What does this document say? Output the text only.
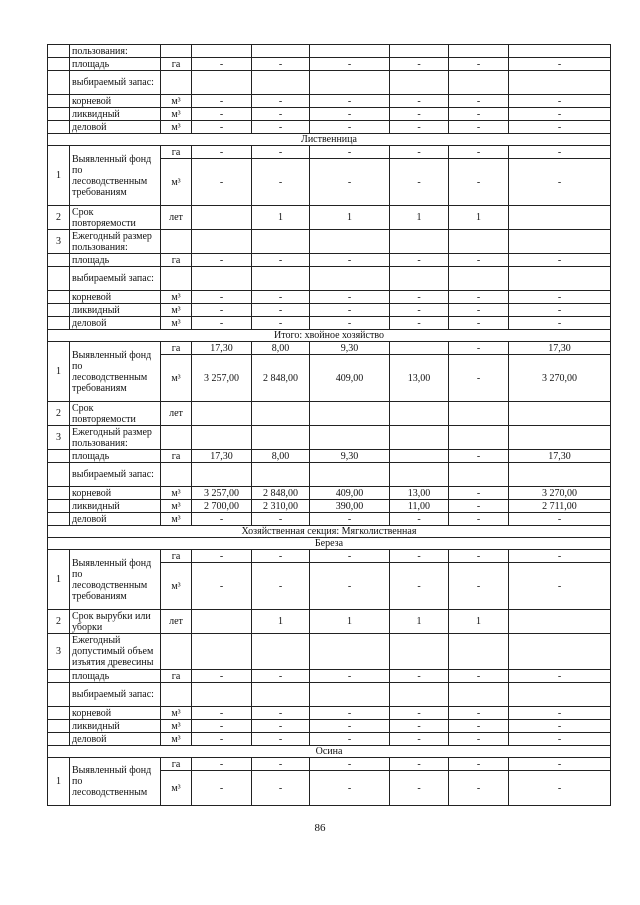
	пользования:							
	площадь	га	-	-	-	-	-	-
	выбираемый запас:							
	корневой	м³	-	-	-	-	-	-
	ликвидный	м³	-	-	-	-	-	-
	деловой	м³	-	-	-	-	-	-
Лиственница								
1	Выявленный фонд по лесоводственным требованиям	га	-	-	-	-	-	-
		м³	-	-	-	-	-	-
2	Срок повторяемости	лет		1	1	1	1	
3	Ежегодный размер пользования:							
	площадь	га	-	-	-	-	-	-
	выбираемый запас:							
	корневой	м³	-	-	-	-	-	-
	ликвидный	м³	-	-	-	-	-	-
	деловой	м³	-	-	-	-	-	-
Итого: хвойное хозяйство								
1	Выявленный фонд по лесоводственным требованиям	га	17,30	8,00	9,30		-	17,30
		м³	3 257,00	2 848,00	409,00	13,00	-	3 270,00
2	Срок повторяемости	лет						
3	Ежегодный размер пользования:							
	площадь	га	17,30	8,00	9,30		-	17,30
	выбираемый запас:							
	корневой	м³	3 257,00	2 848,00	409,00	13,00	-	3 270,00
	ликвидный	м³	2 700,00	2 310,00	390,00	11,00	-	2 711,00
	деловой	м³	-	-	-	-	-	-
Хозяйственная секция: Мягколиственная								
Береза								
1	Выявленный фонд по лесоводственным требованиям	га	-	-	-	-	-	-
		м³	-	-	-	-	-	-
2	Срок вырубки или уборки	лет		1	1	1	1	
3	Ежегодный допустимый объем изъятия древесины							
	площадь	га	-	-	-	-	-	-
	выбираемый запас:							
	корневой	м³	-	-	-	-	-	-
	ликвидный	м³	-	-	-	-	-	-
	деловой	м³	-	-	-	-	-	-
Осина								
1	Выявленный фонд по лесоводственным	га	-	-	-	-	-	-
		м³	-	-	-	-	-	-
86
